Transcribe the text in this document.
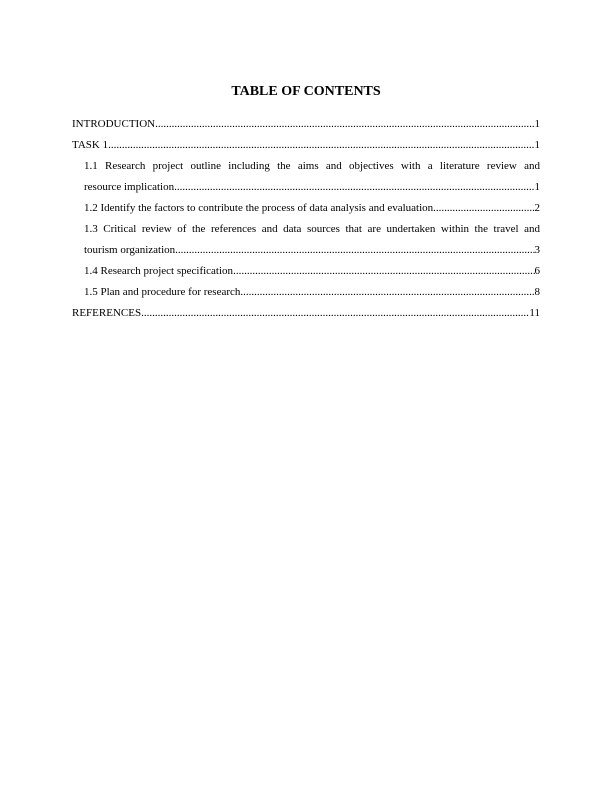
TABLE OF CONTENTS
INTRODUCTION .....	1
TASK 1 .....	1
1.1 Research project outline including the aims and objectives with a literature review and
resource implication .....	1
1.2 Identify the factors to contribute the process of data analysis and evaluation .....	2
1.3 Critical review of the references and data sources that are undertaken within the travel and
tourism organization .....	3
1.4 Research project specification .....	6
1.5 Plan and procedure for research .....	8
REFERENCES .....	11
